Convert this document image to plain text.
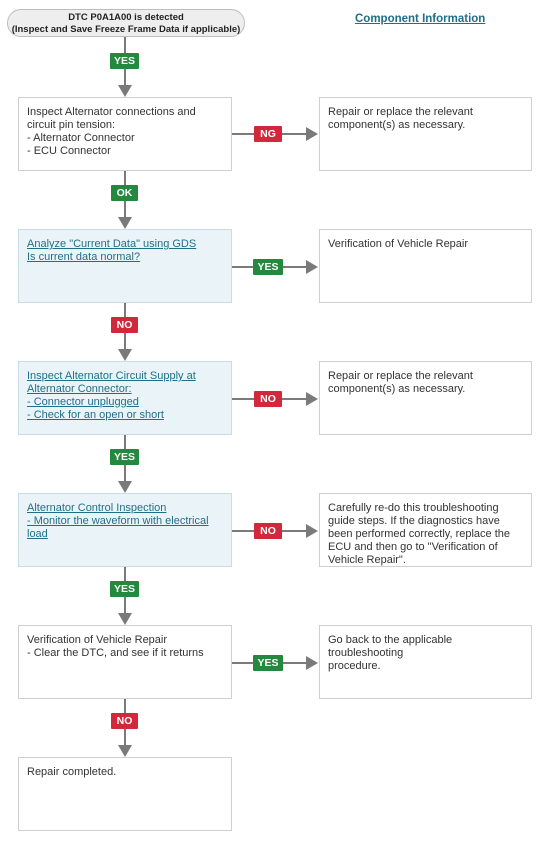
DTC P0A1A00 is detected
(Inspect and Save Freeze Frame Data if applicable)
Component Information
YES
Inspect Alternator connections and
circuit pin tension:
- Alternator Connector
- ECU Connector
NG
Repair or replace the relevant
component(s) as necessary.
OK
Analyze "Current Data" using GDS
Is current data normal?
YES
Verification of Vehicle Repair
NO
Inspect Alternator Circuit Supply at
Alternator Connector:
- Connector unplugged
- Check for an open or short
NO
Repair or replace the relevant
component(s) as necessary.
YES
Alternator Control Inspection
- Monitor the waveform with electrical
load	NO
Carefully re-do this troubleshooting
guide steps. If the diagnostics have
been performed correctly, replace the
ECU and then go to "Verification of
Vehicle Repair".
YES
Verification of Vehicle Repair
- Clear the DTC, and see if it returns
YES
Go back to the applicable troubleshooting
procedure.
NO
Repair completed.
